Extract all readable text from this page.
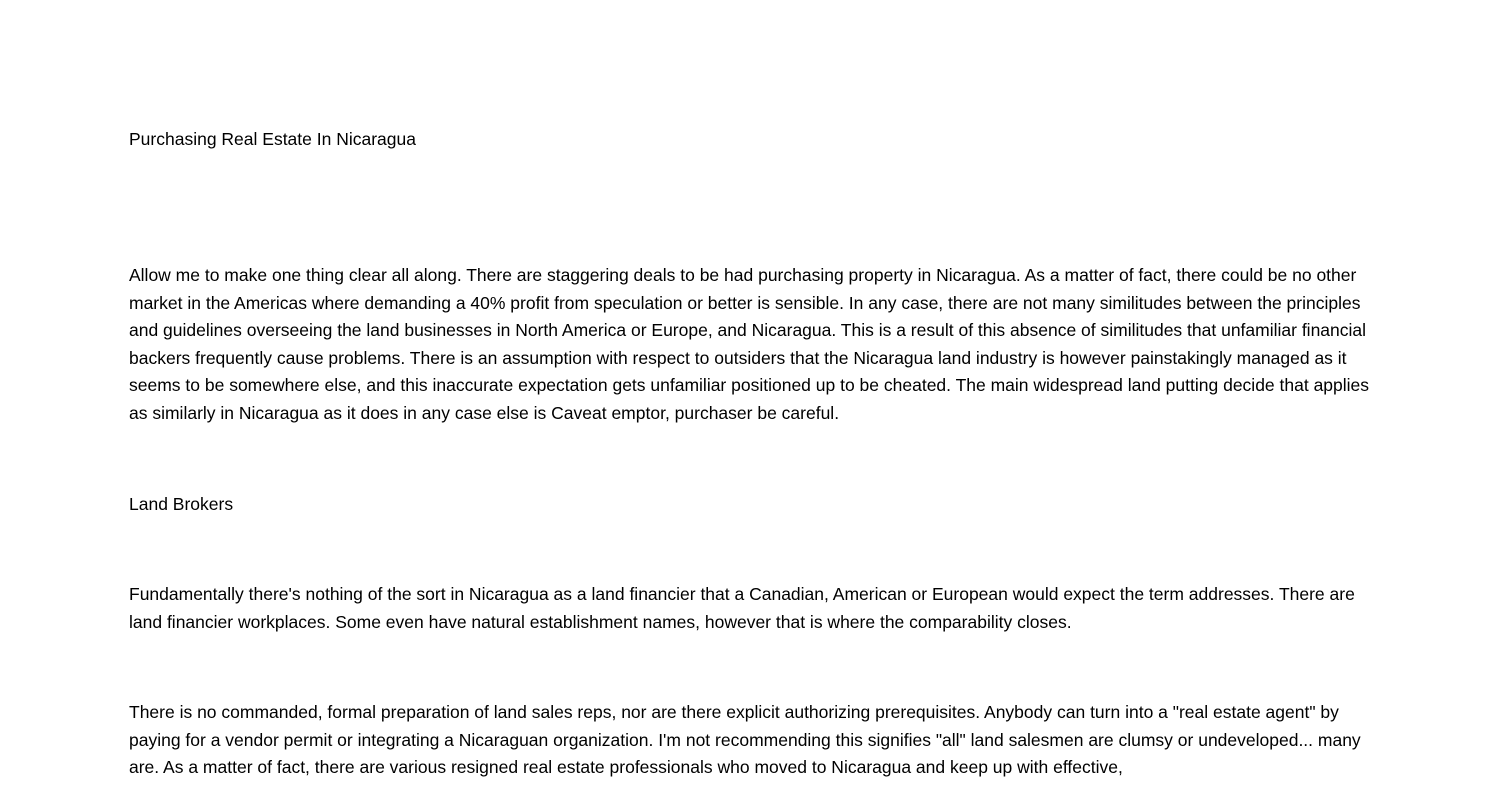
Purchasing Real Estate In Nicaragua

Allow me to make one thing clear all along. There are staggering deals to be had purchasing property in Nicaragua. As a matter of fact, there could be no other market in the Americas where demanding a 40% profit from speculation or better is sensible. In any case, there are not many similitudes between the principles and guidelines overseeing the land businesses in North America or Europe, and Nicaragua. This is a result of this absence of similitudes that unfamiliar financial backers frequently cause problems. There is an assumption with respect to outsiders that the Nicaragua land industry is however painstakingly managed as it seems to be somewhere else, and this inaccurate expectation gets unfamiliar positioned up to be cheated. The main widespread land putting decide that applies as similarly in Nicaragua as it does in any case else is Caveat emptor, purchaser be careful.

Land Brokers

Fundamentally there's nothing of the sort in Nicaragua as a land financier that a Canadian, American or European would expect the term addresses. There are land financier workplaces. Some even have natural establishment names, however that is where the comparability closes.

There is no commanded, formal preparation of land sales reps, nor are there explicit authorizing prerequisites. Anybody can turn into a "real estate agent" by paying for a vendor permit or integrating a Nicaraguan organization. I'm not recommending this signifies "all" land salesmen are clumsy or undeveloped... many are. As a matter of fact, there are various resigned real estate professionals who moved to Nicaragua and keep up with effective,
